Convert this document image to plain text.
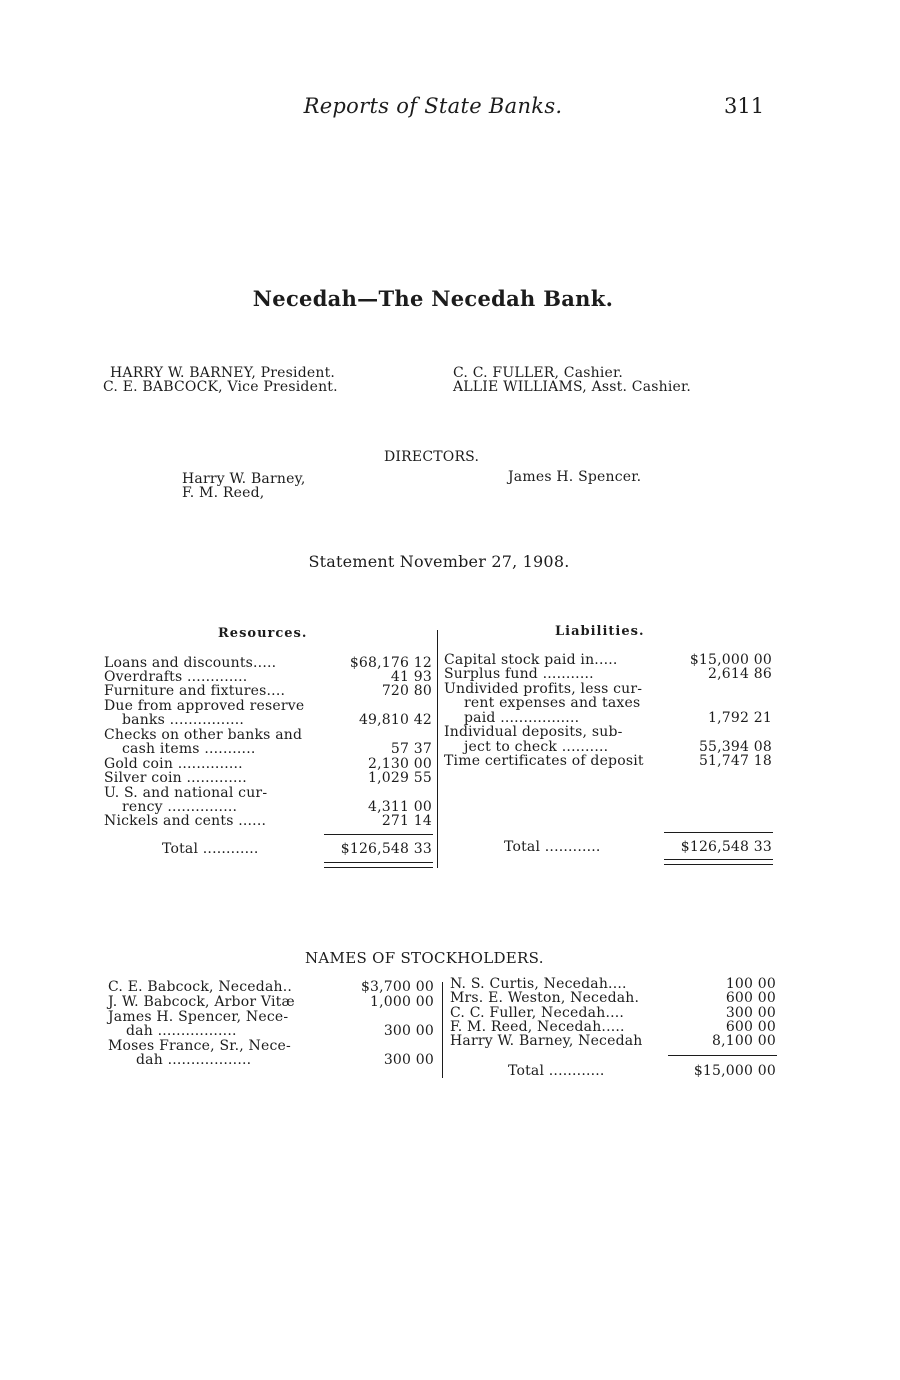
Reports of State Banks.	311
Necedah—The Necedah Bank.
HARRY W. BARNEY, President.
C. E. BABCOCK, Vice President.
C. C. FULLER, Cashier.
ALLIE WILLIAMS, Asst. Cashier.
DIRECTORS.
Harry W. Barney,
F. M. Reed,
James H. Spencer.
Statement November 27, 1908.
Resources.	Liabilities.
Loans and discounts.....	$68,176 12
Overdrafts .............	41 93
Furniture and fixtures....	720 80
Due from approved reserve
banks ................	49,810 42
Checks on other banks and
cash items ...........	57 37
Gold coin ..............	2,130 00
Silver coin .............	1,029 55
U. S. and national cur-
rency ...............	4,311 00
Nickels and cents ......	271 14
Total ............	$126,548 33
Capital stock paid in.....	$15,000 00
Surplus fund ...........	2,614 86
Undivided profits, less cur-
rent expenses and taxes
paid .................	1,792 21
Individual deposits, sub-
ject to check ..........	55,394 08
Time certificates of deposit	51,747 18
Total ............	$126,548 33
NAMES OF STOCKHOLDERS.
C. E. Babcock, Necedah..	$3,700 00
J. W. Babcock, Arbor Vitæ	1,000 00
James H. Spencer, Nece-
dah .................	300 00
Moses France, Sr., Nece-
dah ..................	300 00
N. S. Curtis, Necedah....	100 00
Mrs. E. Weston, Necedah.	600 00
C. C. Fuller, Necedah....	300 00
F. M. Reed, Necedah.....	600 00
Harry W. Barney, Necedah	8,100 00
Total ............	$15,000 00
